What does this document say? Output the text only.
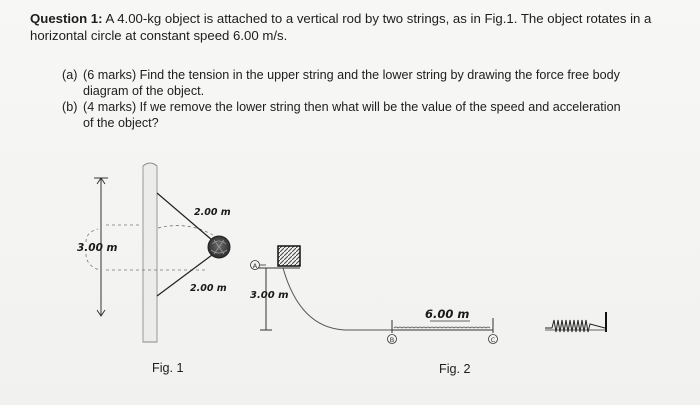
Question 1: A 4.00-kg object is attached to a vertical rod by two strings, as in Fig.1. The object rotates in a horizontal circle at constant speed 6.00 m/s.
(a) (6 marks) Find the tension in the upper string and the lower string by drawing the force free body
diagram of the object.
(b) (4 marks) If we remove the lower string then what will be the value of the speed and acceleration
of the object?
3.00 m
2.00 m
2.00 m
A
B	C
3.00 m
6.00 m
Fig. 1	Fig. 2
